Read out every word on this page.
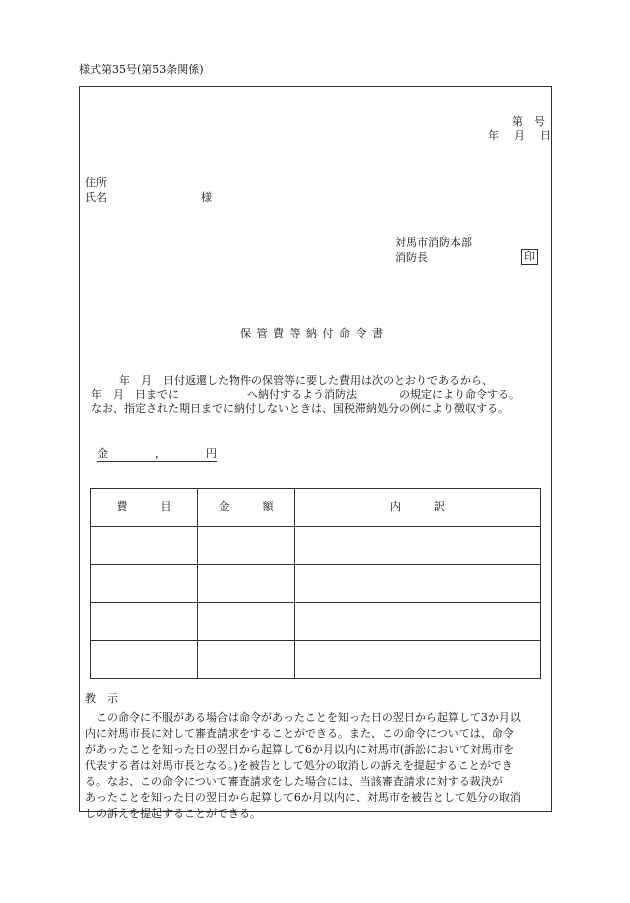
様式第35号(第53条関係)
第　号
年　月　日
住所
氏名	様
対馬市消防本部
消防長	印
保 管 費 等 納 付 命 令 書
年　月　日付返還した物件の保管等に要した費用は次のとおりであるから、
年　月　日までに	へ納付するよう消防法	の規定により命令する。
なお、指定された期日までに納付しないときは、国税滞納処分の例により徴収する。
金	，	円
費　　　目	金　　　額	内　　　訳

教　示

　この命令に不服がある場合は命令があったことを知った日の翌日から起算して3か月以

内に対馬市長に対して審査請求をすることができる。また、この命令については、命令

があったことを知った日の翌日から起算して6か月以内に対馬市(訴訟において対馬市を

代表する者は対馬市長となる。)を被告として処分の取消しの訴えを提起することができ

る。なお、この命令について審査請求をした場合には、当該審査請求に対する裁決が

あったことを知った日の翌日から起算して6か月以内に、対馬市を被告として処分の取消

しの訴えを提起することができる。
